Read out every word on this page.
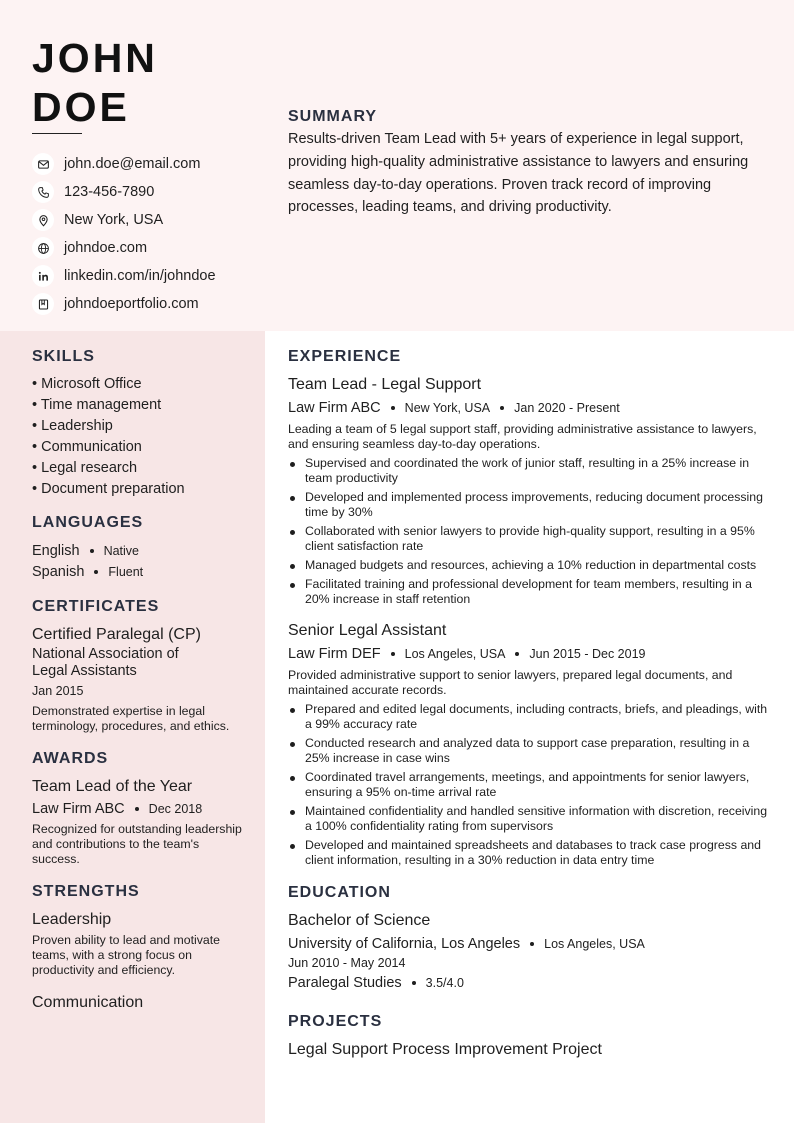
JOHN
DOE
john.doe@email.com
123-456-7890
New York, USA
johndoe.com
linkedin.com/in/johndoe
johndoeportfolio.com
SUMMARY

Results-driven Team Lead with 5+ years of experience in legal support, providing high-quality administrative assistance to lawyers and ensuring seamless day-to-day operations. Proven track record of improving processes, leading teams, and driving productivity.

SKILLS
• Microsoft Office
• Time management
• Leadership
• Communication
• Legal research
• Document preparation
LANGUAGES
English Native
Spanish Fluent
CERTIFICATES
Certified Paralegal (CP)
National Association of Legal Assistants
Jan 2015
Demonstrated expertise in legal terminology, procedures, and ethics.
AWARDS
Team Lead of the Year
Law Firm ABC Dec 2018
Recognized for outstanding leadership and contributions to the team's success.
STRENGTHS
Leadership
Proven ability to lead and motivate teams, with a strong focus on productivity and efficiency.
Communication
EXPERIENCE
Team Lead - Legal Support
Law Firm ABC New York, USA Jan 2020 - Present
Leading a team of 5 legal support staff, providing administrative assistance to lawyers, and ensuring seamless day-to-day operations.
Supervised and coordinated the work of junior staff, resulting in a 25% increase in team productivity
Developed and implemented process improvements, reducing document processing time by 30%
Collaborated with senior lawyers to provide high-quality support, resulting in a 95% client satisfaction rate
Managed budgets and resources, achieving a 10% reduction in departmental costs
Facilitated training and professional development for team members, resulting in a 20% increase in staff retention
Senior Legal Assistant
Law Firm DEF Los Angeles, USA Jun 2015 - Dec 2019
Provided administrative support to senior lawyers, prepared legal documents, and maintained accurate records.
Prepared and edited legal documents, including contracts, briefs, and pleadings, with a 99% accuracy rate
Conducted research and analyzed data to support case preparation, resulting in a 25% increase in case wins
Coordinated travel arrangements, meetings, and appointments for senior lawyers, ensuring a 95% on-time arrival rate
Maintained confidentiality and handled sensitive information with discretion, receiving a 100% confidentiality rating from supervisors
Developed and maintained spreadsheets and databases to track case progress and client information, resulting in a 30% reduction in data entry time
EDUCATION
Bachelor of Science
University of California, Los Angeles Los Angeles, USA
Jun 2010 - May 2014
Paralegal Studies 3.5/4.0
PROJECTS
Legal Support Process Improvement Project
